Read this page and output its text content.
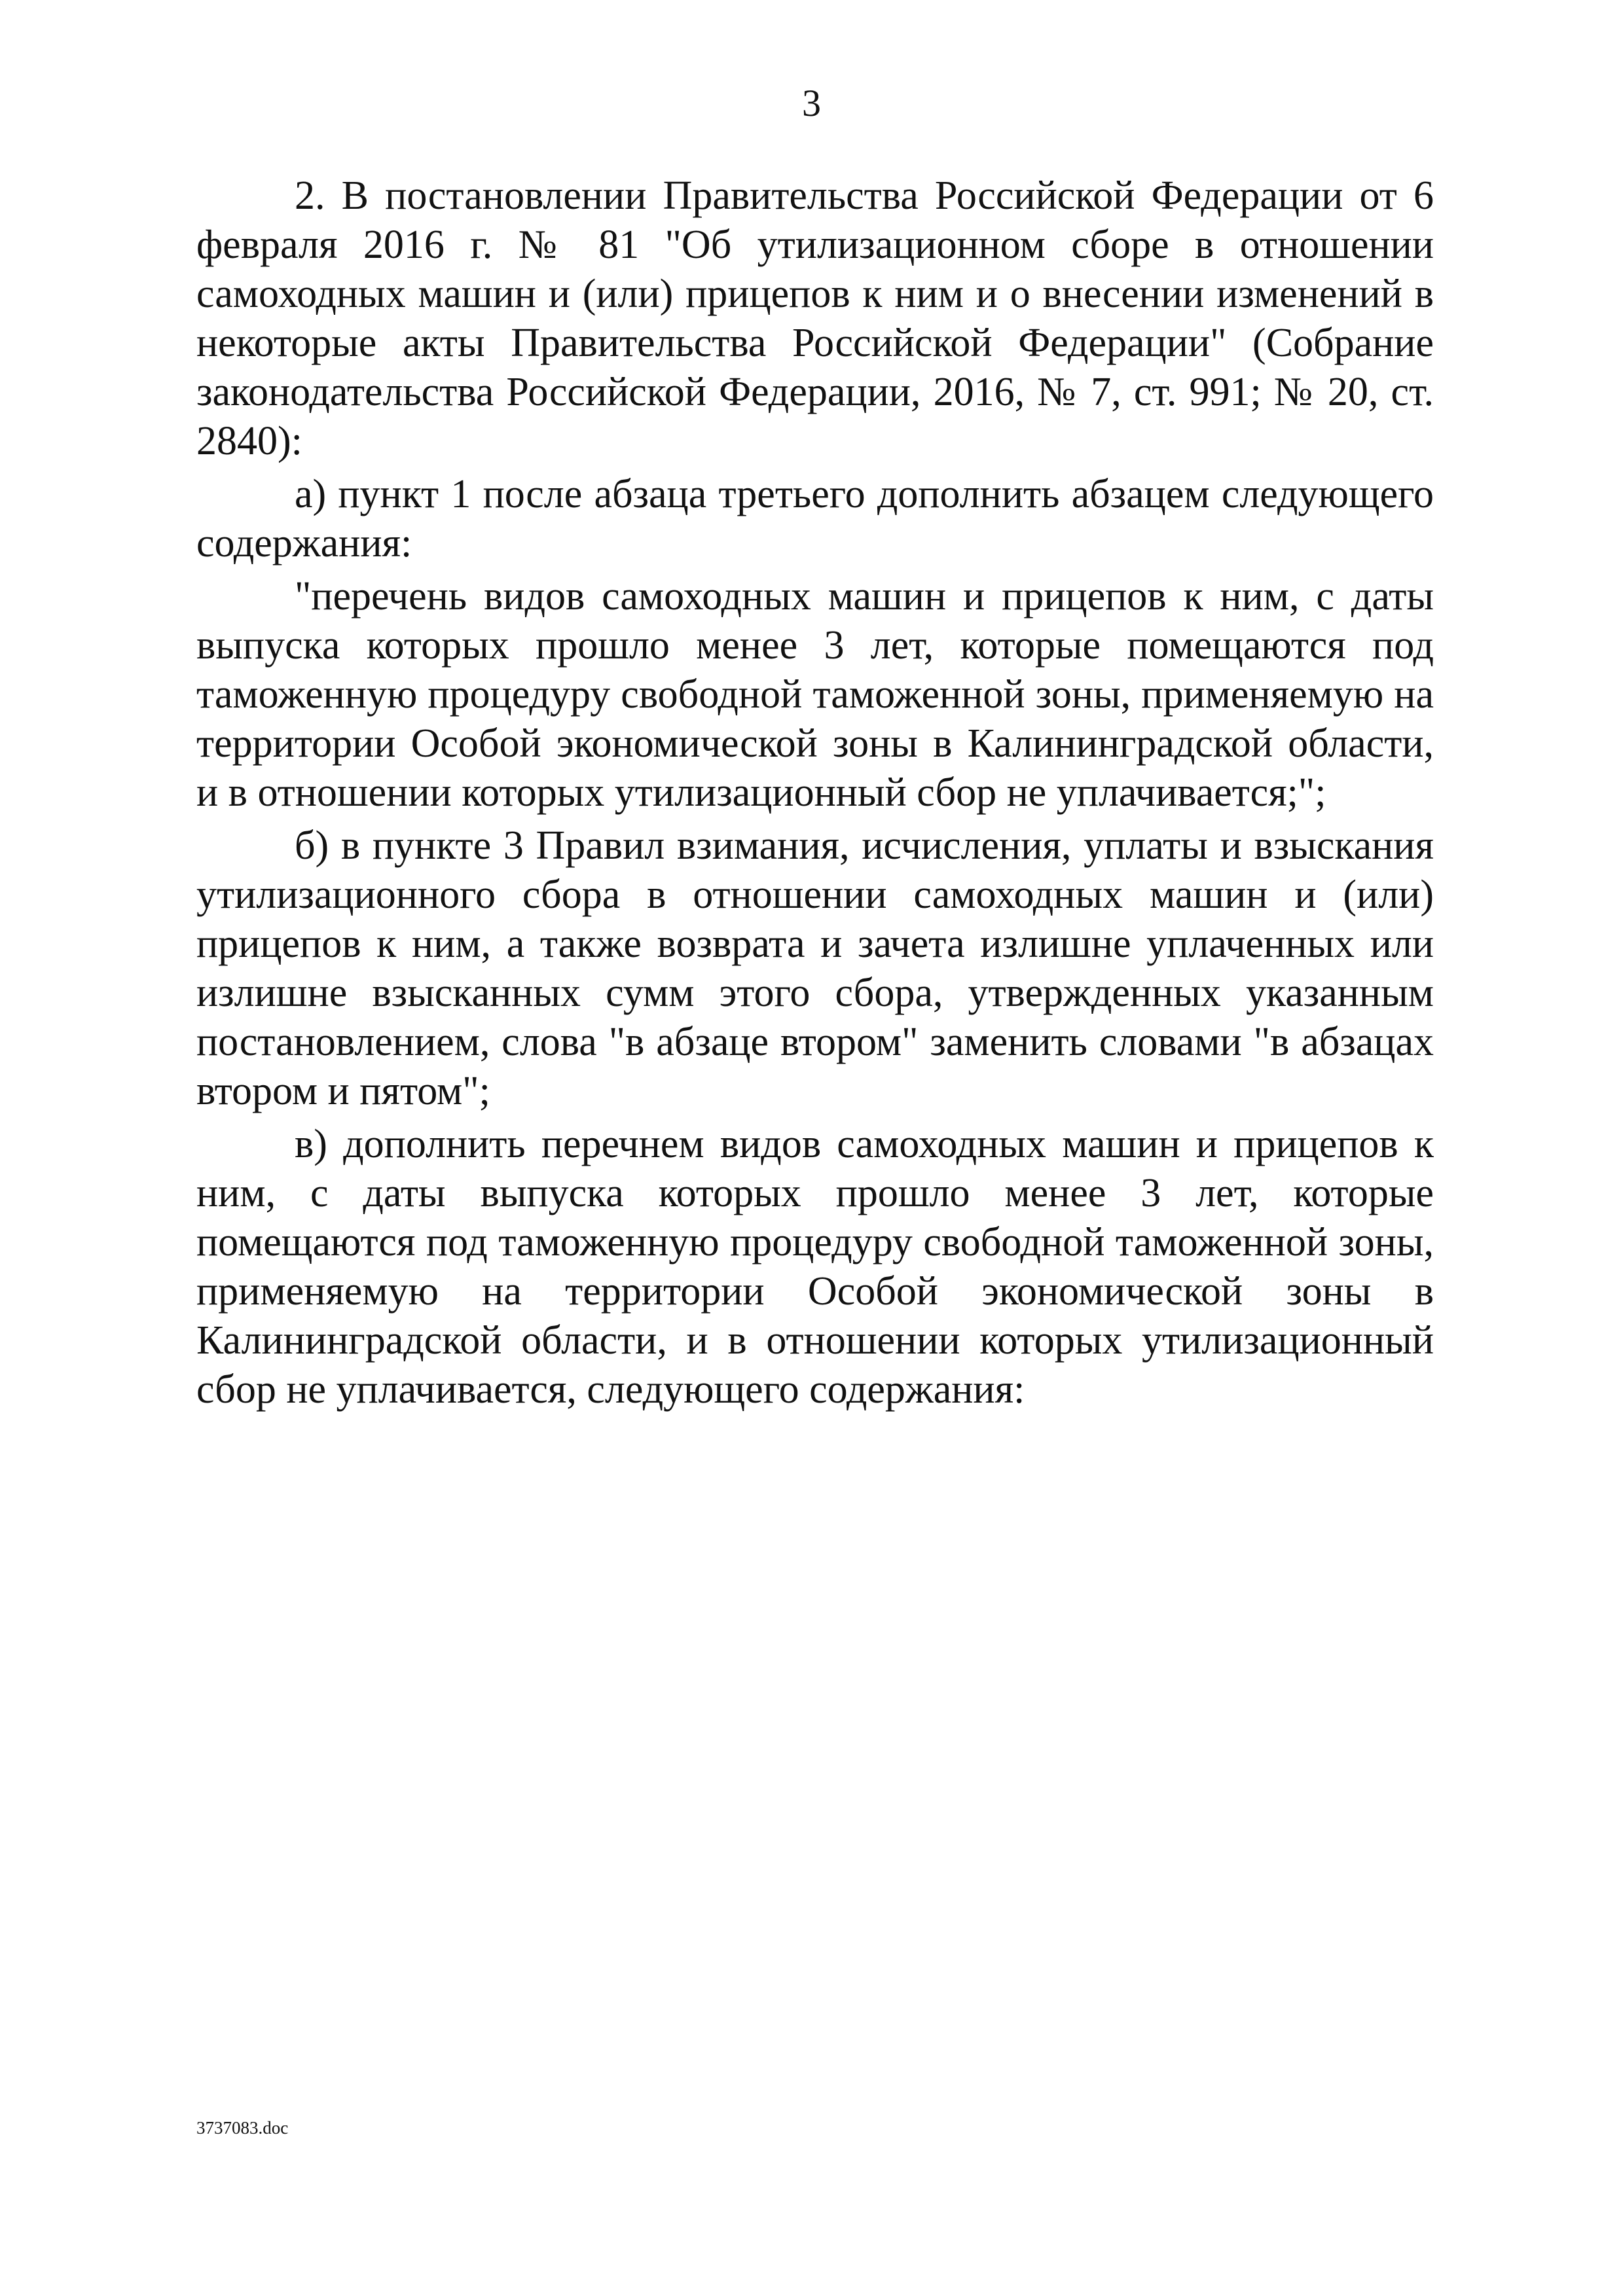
3

2. В постановлении Правительства Российской Федерации от 6 февраля 2016 г. № 81 "Об утилизационном сборе в отношении самоходных машин и (или) прицепов к ним и о внесении изменений в некоторые акты Правительства Российской Федерации" (Собрание законодательства Российской Федерации, 2016, № 7, ст. 991; № 20, ст. 2840):

а) пункт 1 после абзаца третьего дополнить абзацем следующего содержания:

"перечень видов самоходных машин и прицепов к ним, с даты выпуска которых прошло менее 3 лет, которые помещаются под таможенную процедуру свободной таможенной зоны, применяемую на территории Особой экономической зоны в Калининградской области, и в отношении которых утилизационный сбор не уплачивается;";

б) в пункте 3 Правил взимания, исчисления, уплаты и взыскания утилизационного сбора в отношении самоходных машин и (или) прицепов к ним, а также возврата и зачета излишне уплаченных или излишне взысканных сумм этого сбора, утвержденных указанным постановлением, слова "в абзаце втором" заменить словами "в абзацах втором и пятом";

в) дополнить перечнем видов самоходных машин и прицепов к ним, с даты выпуска которых прошло менее 3 лет, которые помещаются под таможенную процедуру свободной таможенной зоны, применяемую на территории Особой экономической зоны в Калининградской области, и в отношении которых утилизационный сбор не уплачивается, следующего содержания:

3737083.doc
